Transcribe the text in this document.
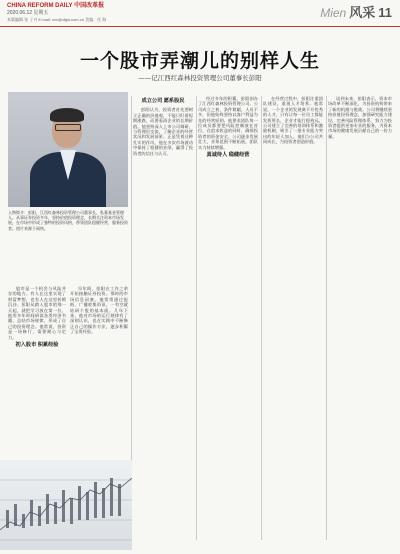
CHINA REFORM DAILY 中国改革报
2020.06.12 星期五
本版编辑 张 子刃 E-mail: xxx@cfgw.com.cn 美编：任 海	Mien 风采 11
一个股市弄潮儿的别样人生
——记江西红森林投资管理公司董事长彭阳
入物简介：彭阳，江西红森林投资管理公司董事长、私募基金管理人。从事证券投资多年，坚持价值投资理念，长期关注资本市场发展，在市场中形成了独特的投资风格，带领团队稳健经营，服务投资者。图片来源于网络。

股市是一个机会与风险并存的地方。有人在这里实现了财富梦想，也有人在这里折戟沉沙。彭阳从踏入股市的那一天起，就把学习放在第一位，他用多年时间研读各类经济书籍，总结市场规律，形成了自己的投资理念。他常说，投资是一场修行，需要耐心与定力。

初入股市 积累经验

早年间，彭阳在工作之余开始接触证券投资。那时的市场信息闭塞，他常常通过报纸、广播收集资讯，一有空就钻研个股的基本面。几年下来，他对市场的运行规律有了深刻认识，也在实践中不断修正自己的操作方法，逐步积累了宝贵经验。

成立公司 愿系股民

彭阳认为，投资者首先要树立正确的价值观，不能只盯着短期涨跌，而要看清企业的长期价值。他坚持深入上市公司调研，与管理层交流，了解企业的经营状况和发展前景。正是凭着这种扎实的作风，他在多次市场波动中保持了稳健的业绩，赢得了投资者的信任与认可。

经过多年的积累，彭阳创办了江西红森林投资管理公司。公司成立之初，条件简陋，人员不多，但他始终坚持以客户利益为先的经营原则。他要求团队每一位成员都要把风险控制放在首位，在追求收益的同时，确保投资者的资金安全。公司逐步发展壮大，业务范围不断拓展，团队实力持续增强。

真诚待人 稳健经营

在经营过程中，彭阳注重团队建设，重视人才培养。他常说，一个企业的发展离不开优秀的人才，只有让每一位员工都能发挥所长，企业才能行稳致远。公司建立了完善的培训体系和激励机制，吸引了一批专业能力突出的年轻人加入。他们与公司共同成长，为投资者创造价值。

谈到未来，彭阳表示，资本市场改革不断深化，为投资机构带来了新的机遇与挑战。公司将继续坚持价值投资理念，加强研究能力建设，完善风险管理体系，努力为投资者提供更加专业的服务，为资本市场的健康发展贡献自己的一份力量。
